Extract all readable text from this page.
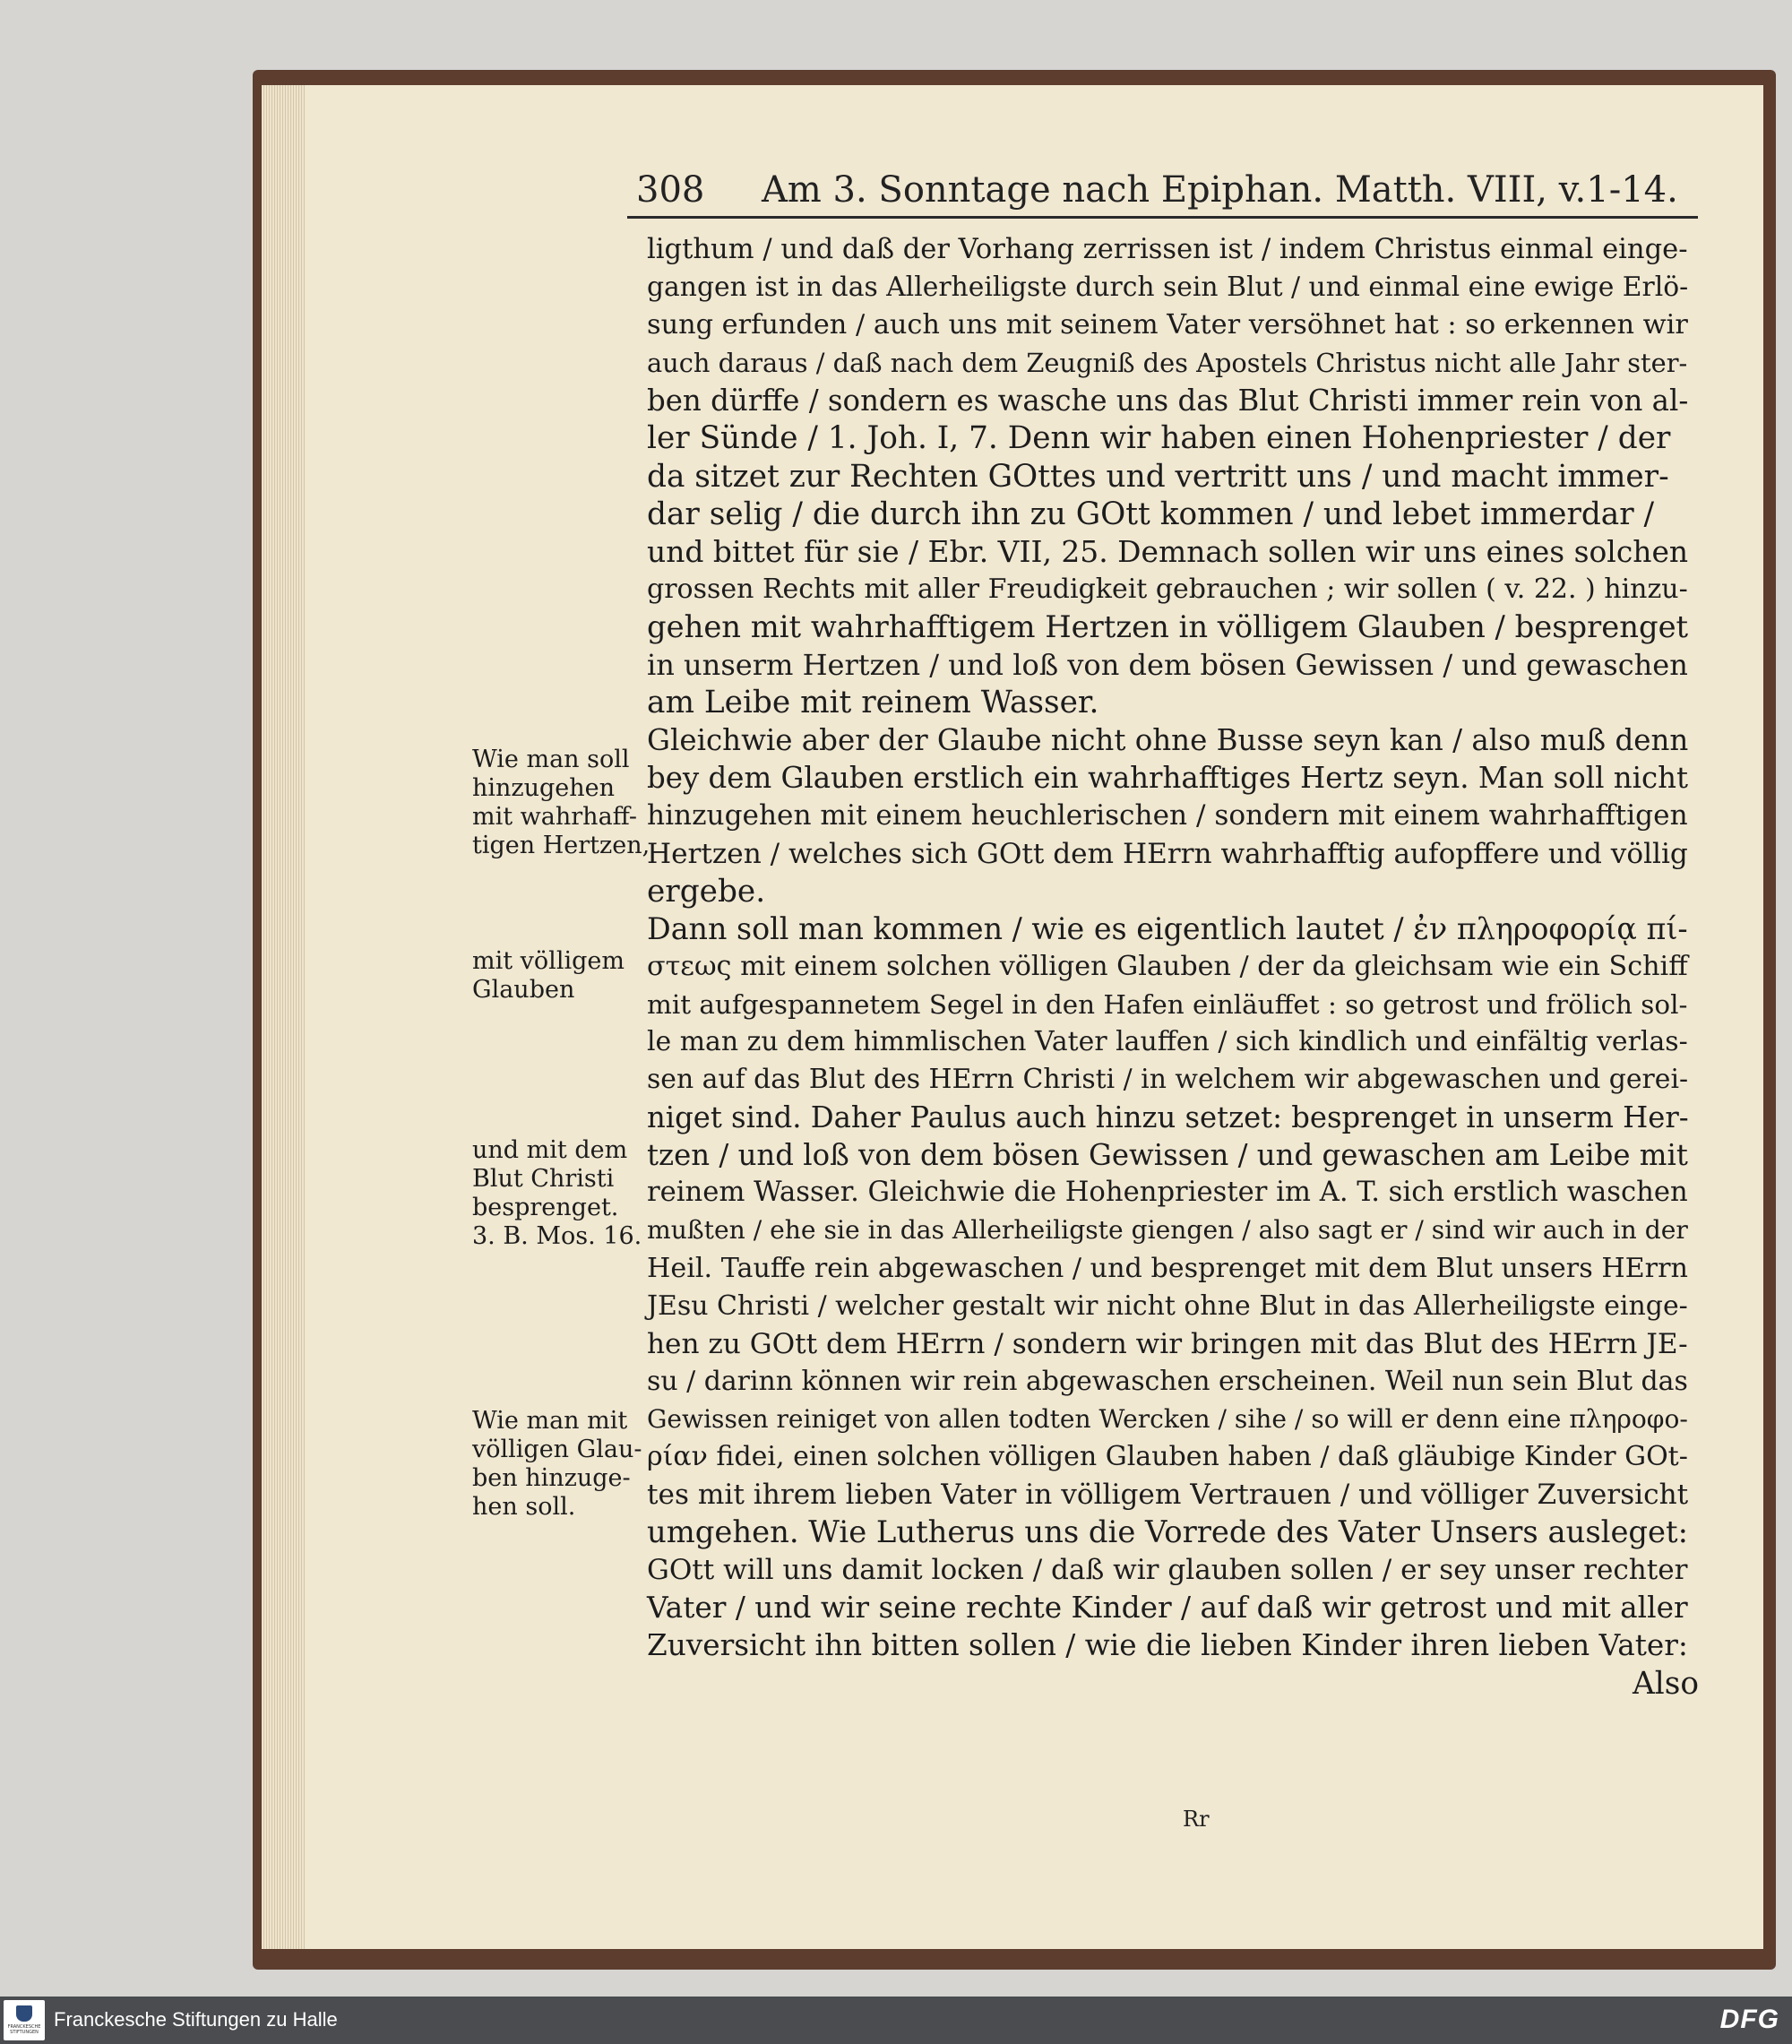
308 Am 3. Sonntage nach Epiphan. Matth. VIII, v.1-14.
ligthum / und daß der Vorhang zerrissen ist / indem Christus einmal einge-
gangen ist in das Allerheiligste durch sein Blut / und einmal eine ewige Erlö-
sung erfunden / auch uns mit seinem Vater versöhnet hat : so erkennen wir
auch daraus / daß nach dem Zeugniß des Apostels Christus nicht alle Jahr ster-
ben dürffe / sondern es wasche uns das Blut Christi immer rein von al-
ler Sünde / 1. Joh. I, 7. Denn wir haben einen Hohenpriester / der
da sitzet zur Rechten GOttes und vertritt uns / und macht immer-
dar selig / die durch ihn zu GOtt kommen / und lebet immerdar /
und bittet für sie / Ebr. VII, 25. Demnach sollen wir uns eines solchen
grossen Rechts mit aller Freudigkeit gebrauchen ; wir sollen ( v. 22. ) hinzu-
gehen mit wahrhafftigem Hertzen in völligem Glauben / besprenget
in unserm Hertzen / und loß von dem bösen Gewissen / und gewaschen
am Leibe mit reinem Wasser.
Gleichwie aber der Glaube nicht ohne Busse seyn kan / also muß denn
bey dem Glauben erstlich ein wahrhafftiges Hertz seyn. Man soll nicht
hinzugehen mit einem heuchlerischen / sondern mit einem wahrhafftigen
Hertzen / welches sich GOtt dem HErrn wahrhafftig aufopffere und völlig
ergebe.
Dann soll man kommen / wie es eigentlich lautet / ἐν πληροφορίᾳ πί-
στεως mit einem solchen völligen Glauben / der da gleichsam wie ein Schiff
mit aufgespannetem Segel in den Hafen einläuffet : so getrost und frölich sol-
le man zu dem himmlischen Vater lauffen / sich kindlich und einfältig verlas-
sen auf das Blut des HErrn Christi / in welchem wir abgewaschen und gerei-
niget sind. Daher Paulus auch hinzu setzet: besprenget in unserm Her-
tzen / und loß von dem bösen Gewissen / und gewaschen am Leibe mit
reinem Wasser. Gleichwie die Hohenpriester im A. T. sich erstlich waschen
mußten / ehe sie in das Allerheiligste giengen / also sagt er / sind wir auch in der
Heil. Tauffe rein abgewaschen / und besprenget mit dem Blut unsers HErrn
JEsu Christi / welcher gestalt wir nicht ohne Blut in das Allerheiligste einge-
hen zu GOtt dem HErrn / sondern wir bringen mit das Blut des HErrn JE-
su / darinn können wir rein abgewaschen erscheinen. Weil nun sein Blut das
Gewissen reiniget von allen todten Wercken / sihe / so will er denn eine πληροφο-
ρίαν fidei, einen solchen völligen Glauben haben / daß gläubige Kinder GOt-
tes mit ihrem lieben Vater in völligem Vertrauen / und völliger Zuversicht
umgehen. Wie Lutherus uns die Vorrede des Vater Unsers ausleget:
GOtt will uns damit locken / daß wir glauben sollen / er sey unser rechter
Vater / und wir seine rechte Kinder / auf daß wir getrost und mit aller
Zuversicht ihn bitten sollen / wie die lieben Kinder ihren lieben Vater:
Also
Wie man soll
hinzugehen
mit wahrhaff-
tigen Hertzen,
mit völligem
Glauben
und mit dem
Blut Christi
besprenget.
3. B. Mos. 16.
Wie man mit
völligen Glau-
ben hinzuge-
hen soll.
Rr
FRANCKESCHE STIFTUNGEN
Franckesche Stiftungen zu Halle	DFG
